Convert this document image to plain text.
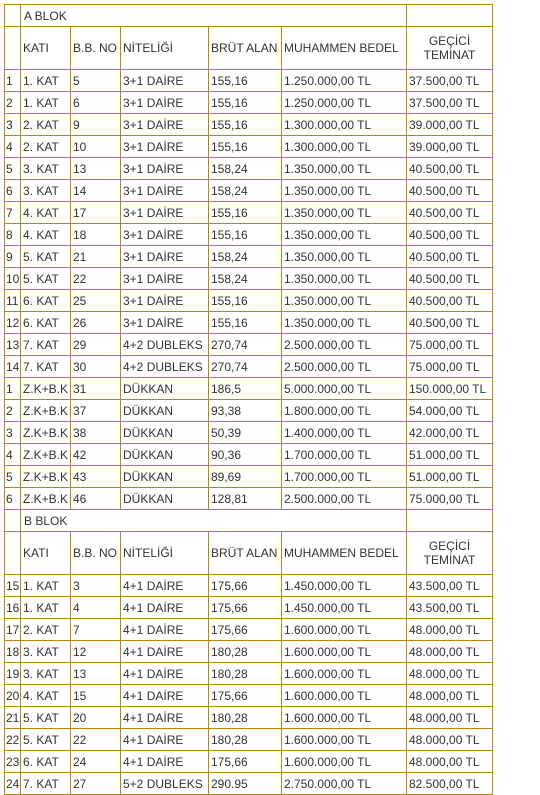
	A BLOK					
	KATI	B.B. NO	NİTELİĞİ	BRÜT ALAN	MUHAMMEN BEDEL	GEÇİCİ TEMİNAT
1	1. KAT	5	3+1 DAİRE	155,16	1.250.000,00 TL	37.500,00 TL
2	1. KAT	6	3+1 DAİRE	155,16	1.250.000,00 TL	37.500,00 TL
3	2. KAT	9	3+1 DAİRE	155,16	1.300.000,00 TL	39.000,00 TL
4	2. KAT	10	3+1 DAİRE	155,16	1.300.000,00 TL	39.000,00 TL
5	3. KAT	13	3+1 DAİRE	158,24	1.350.000,00 TL	40.500,00 TL
6	3. KAT	14	3+1 DAİRE	158,24	1.350.000,00 TL	40.500,00 TL
7	4. KAT	17	3+1 DAİRE	155,16	1.350.000,00 TL	40.500,00 TL
8	4. KAT	18	3+1 DAİRE	155,16	1.350.000,00 TL	40.500,00 TL
9	5. KAT	21	3+1 DAİRE	158,24	1.350.000,00 TL	40.500,00 TL
10	5. KAT	22	3+1 DAİRE	158,24	1.350.000,00 TL	40.500,00 TL
11	6. KAT	25	3+1 DAİRE	155,16	1.350.000,00 TL	40.500,00 TL
12	6. KAT	26	3+1 DAİRE	155,16	1.350.000,00 TL	40.500,00 TL
13	7. KAT	29	4+2 DUBLEKS	270,74	2.500.000,00 TL	75.000,00 TL
14	7. KAT	30	4+2 DUBLEKS	270,74	2.500.000,00 TL	75.000,00 TL
1	Z.K+B.K	31	DÜKKAN	186,5	5.000.000,00 TL	150.000,00 TL
2	Z.K+B.K	37	DÜKKAN	93,38	1.800.000,00 TL	54.000,00 TL
3	Z.K+B.K	38	DÜKKAN	50,39	1.400.000,00 TL	42.000,00 TL
4	Z.K+B.K	42	DÜKKAN	90,36	1.700.000,00 TL	51.000,00 TL
5	Z.K+B.K	43	DÜKKAN	89,69	1.700.000,00 TL	51.000,00 TL
6	Z.K+B.K	46	DÜKKAN	128,81	2.500.000,00 TL	75.000,00 TL
	B BLOK					
	KATI	B.B. NO	NİTELİĞİ	BRÜT ALAN	MUHAMMEN BEDEL	GEÇİCİ TEMİNAT
15	1. KAT	3	4+1 DAİRE	175,66	1.450.000,00 TL	43.500,00 TL
16	1. KAT	4	4+1 DAİRE	175,66	1.450.000,00 TL	43.500,00 TL
17	2. KAT	7	4+1 DAİRE	175,66	1.600.000,00 TL	48.000,00 TL
18	3. KAT	12	4+1 DAİRE	180,28	1.600.000,00 TL	48.000,00 TL
19	3. KAT	13	4+1 DAİRE	180,28	1.600.000,00 TL	48.000,00 TL
20	4. KAT	15	4+1 DAİRE	175,66	1.600.000,00 TL	48.000,00 TL
21	5. KAT	20	4+1 DAİRE	180,28	1.600.000,00 TL	48.000,00 TL
22	5. KAT	22	4+1 DAİRE	180,28	1.600.000,00 TL	48.000,00 TL
23	6. KAT	24	4+1 DAİRE	175,66	1.600.000,00 TL	48.000,00 TL
24	7. KAT	27	5+2 DUBLEKS	290.95	2.750.000,00 TL	82.500,00 TL
